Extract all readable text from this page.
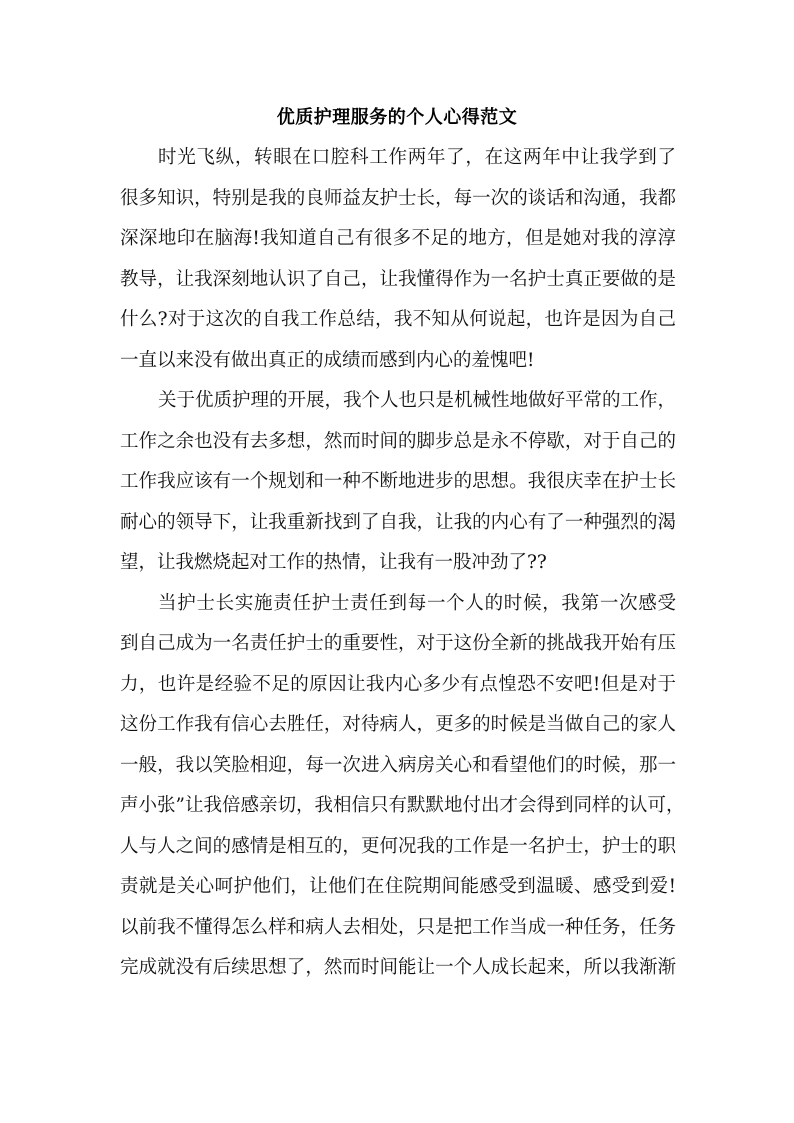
优质护理服务的个人心得范文
时光飞纵，转眼在口腔科工作两年了，在这两年中让我学到了
很多知识，特别是我的良师益友护士长，每一次的谈话和沟通，我都
深深地印在脑海!我知道自己有很多不足的地方，但是她对我的淳淳
教导，让我深刻地认识了自己，让我懂得作为一名护士真正要做的是
什么?对于这次的自我工作总结，我不知从何说起，也许是因为自己
一直以来没有做出真正的成绩而感到内心的羞愧吧!
关于优质护理的开展，我个人也只是机械性地做好平常的工作，
工作之余也没有去多想，然而时间的脚步总是永不停歇，对于自己的
工作我应该有一个规划和一种不断地进步的思想。我很庆幸在护士长
耐心的领导下，让我重新找到了自我，让我的内心有了一种强烈的渴
望，让我燃烧起对工作的热情，让我有一股冲劲了??
当护士长实施责任护士责任到每一个人的时候，我第一次感受
到自己成为一名责任护士的重要性，对于这份全新的挑战我开始有压
力，也许是经验不足的原因让我内心多少有点惶恐不安吧!但是对于
这份工作我有信心去胜任，对待病人，更多的时候是当做自己的家人
一般，我以笑脸相迎，每一次进入病房关心和看望他们的时候，那一
声小张”让我倍感亲切，我相信只有默默地付出才会得到同样的认可，
人与人之间的感情是相互的，更何况我的工作是一名护士，护士的职
责就是关心呵护他们，让他们在住院期间能感受到温暖、感受到爱!
以前我不懂得怎么样和病人去相处，只是把工作当成一种任务，任务
完成就没有后续思想了，然而时间能让一个人成长起来，所以我渐渐
